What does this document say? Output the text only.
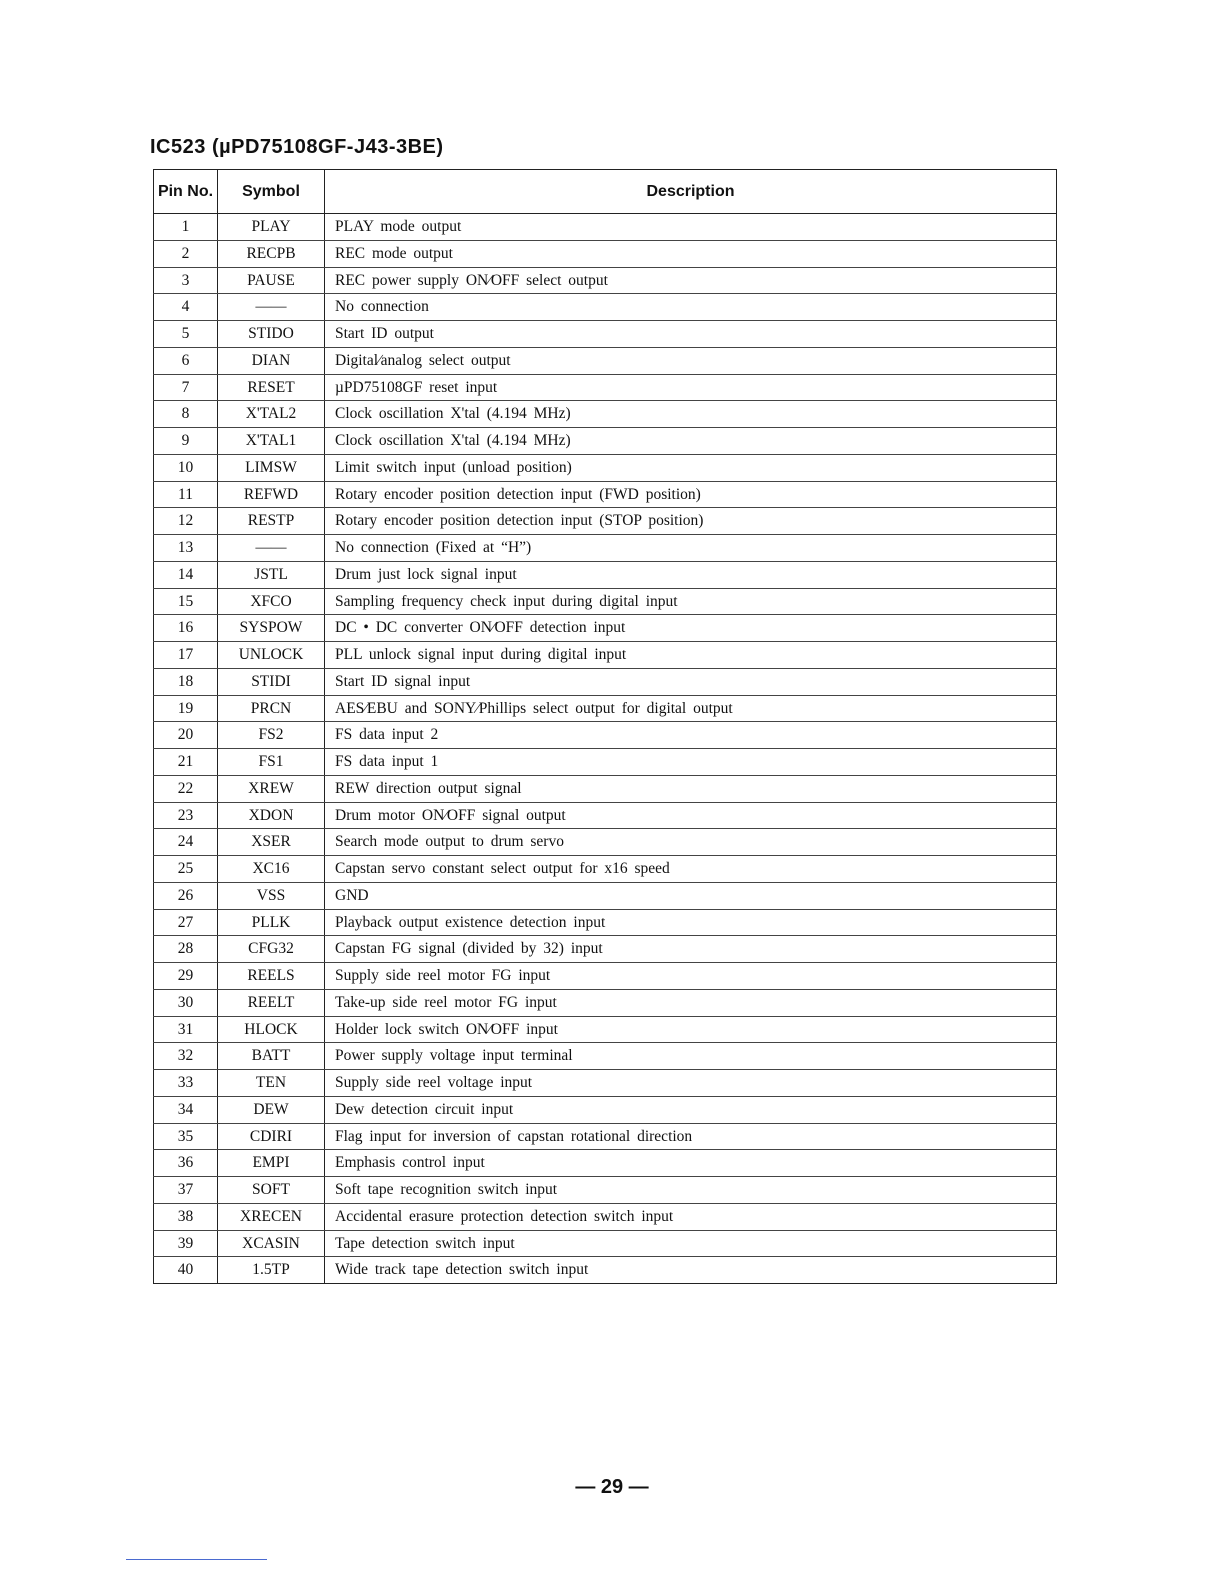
IC523 (µPD75108GF-J43-3BE)
Pin No.	Symbol	Description
1	PLAY	PLAY mode output
2	RECPB	REC mode output
3	PAUSE	REC power supply ON∕OFF select output
4	——	No connection
5	STIDO	Start ID output
6	DIAN	Digital∕analog select output
7	RESET	µPD75108GF reset input
8	X'TAL2	Clock oscillation X'tal (4.194 MHz)
9	X'TAL1	Clock oscillation X'tal (4.194 MHz)
10	LIMSW	Limit switch input (unload position)
11	REFWD	Rotary encoder position detection input (FWD position)
12	RESTP	Rotary encoder position detection input (STOP position)
13	——	No connection (Fixed at “H”)
14	JSTL	Drum just lock signal input
15	XFCO	Sampling frequency check input during digital input
16	SYSPOW	DC • DC converter ON∕OFF detection input
17	UNLOCK	PLL unlock signal input during digital input
18	STIDI	Start ID signal input
19	PRCN	AES∕EBU and SONY∕Phillips select output for digital output
20	FS2	FS data input 2
21	FS1	FS data input 1
22	XREW	REW direction output signal
23	XDON	Drum motor ON∕OFF signal output
24	XSER	Search mode output to drum servo
25	XC16	Capstan servo constant select output for x16 speed
26	VSS	GND
27	PLLK	Playback output existence detection input
28	CFG32	Capstan FG signal (divided by 32) input
29	REELS	Supply side reel motor FG input
30	REELT	Take-up side reel motor FG input
31	HLOCK	Holder lock switch ON∕OFF input
32	BATT	Power supply voltage input terminal
33	TEN	Supply side reel voltage input
34	DEW	Dew detection circuit input
35	CDIRI	Flag input for inversion of capstan rotational direction
36	EMPI	Emphasis control input
37	SOFT	Soft tape recognition switch input
38	XRECEN	Accidental erasure protection detection switch input
39	XCASIN	Tape detection switch input
40	1.5TP	Wide track tape detection switch input
— 29 —
